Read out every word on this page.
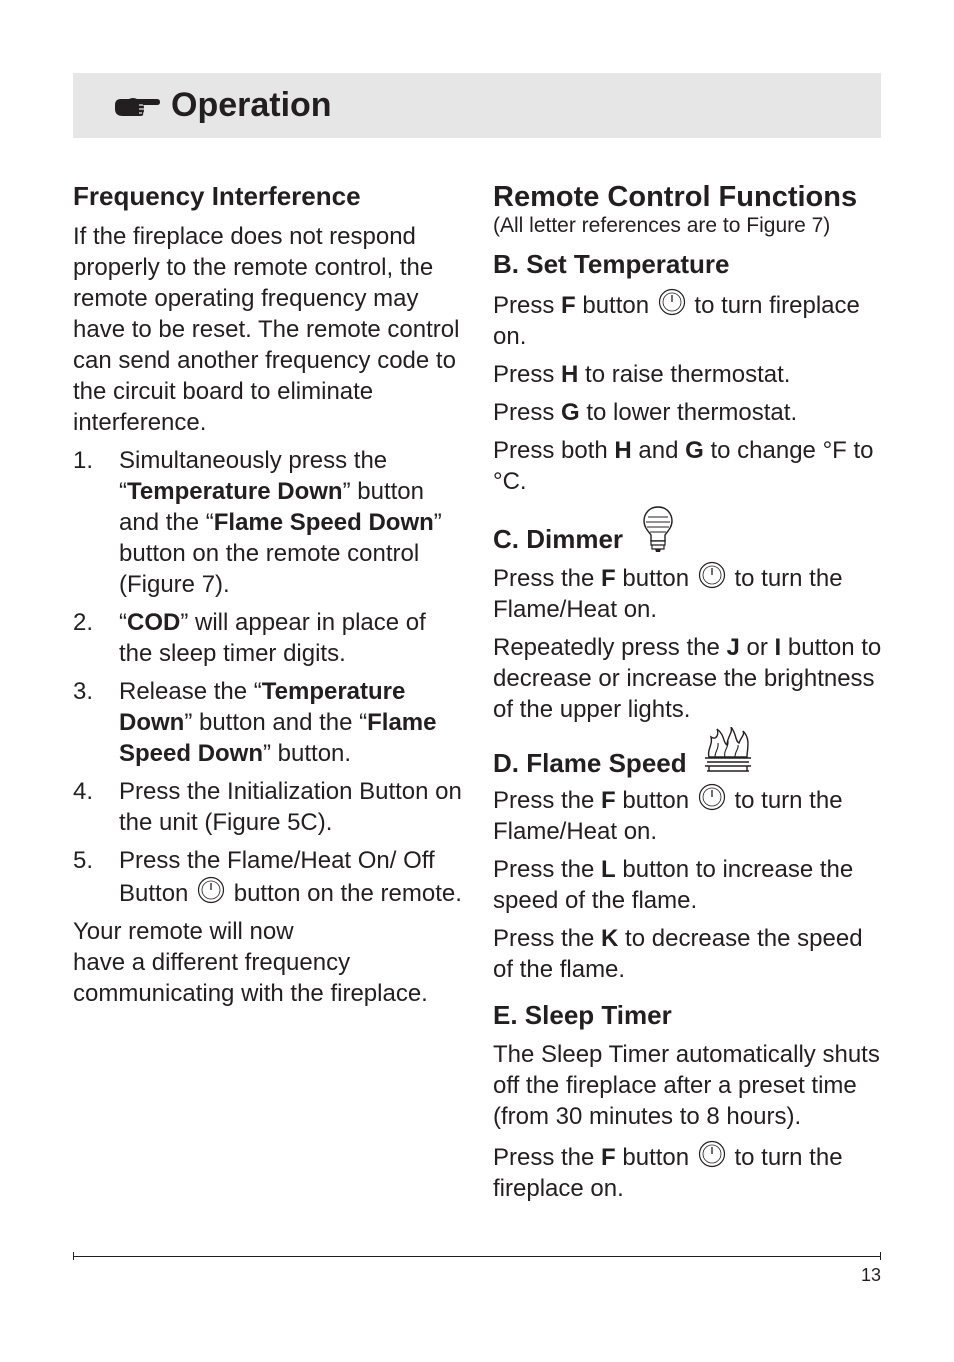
Operation
Frequency Interference

If the fireplace does not respond properly to the remote control, the remote operating frequency may have to be reset. The remote control can send another frequency code to the circuit board to eliminate interference.

1. Simultaneously press the “Temperature Down” button and the “Flame Speed Down” button on the remote control (Figure 7).
2. “COD” will appear in place of the sleep timer digits.
3. Release the “Temperature Down” button and the “Flame Speed Down” button.
4. Press the Initialization Button on the unit (Figure 5C).
5. Press the Flame/Heat On/ Off Button  button on the remote.

Your remote will now

have a different frequency communicating with the fireplace.

Remote Control Functions
(All letter references are to Figure 7)
B. Set Temperature

Press F button  to turn fireplace on.

Press H to raise thermostat.

Press G to lower thermostat.

Press both H and G to change °F to °C.

C. Dimmer

Press the F button  to turn the Flame/Heat on.

Repeatedly press the J or I button to decrease or increase the brightness of the upper lights.

D. Flame Speed

Press the F button  to turn the Flame/Heat on.

Press the L button to increase the speed of the flame.

Press the K to decrease the speed of the flame.

E. Sleep Timer

The Sleep Timer automatically shuts off the fireplace after a preset time (from 30 minutes to 8 hours).

Press the F button  to turn the fireplace on.

13
